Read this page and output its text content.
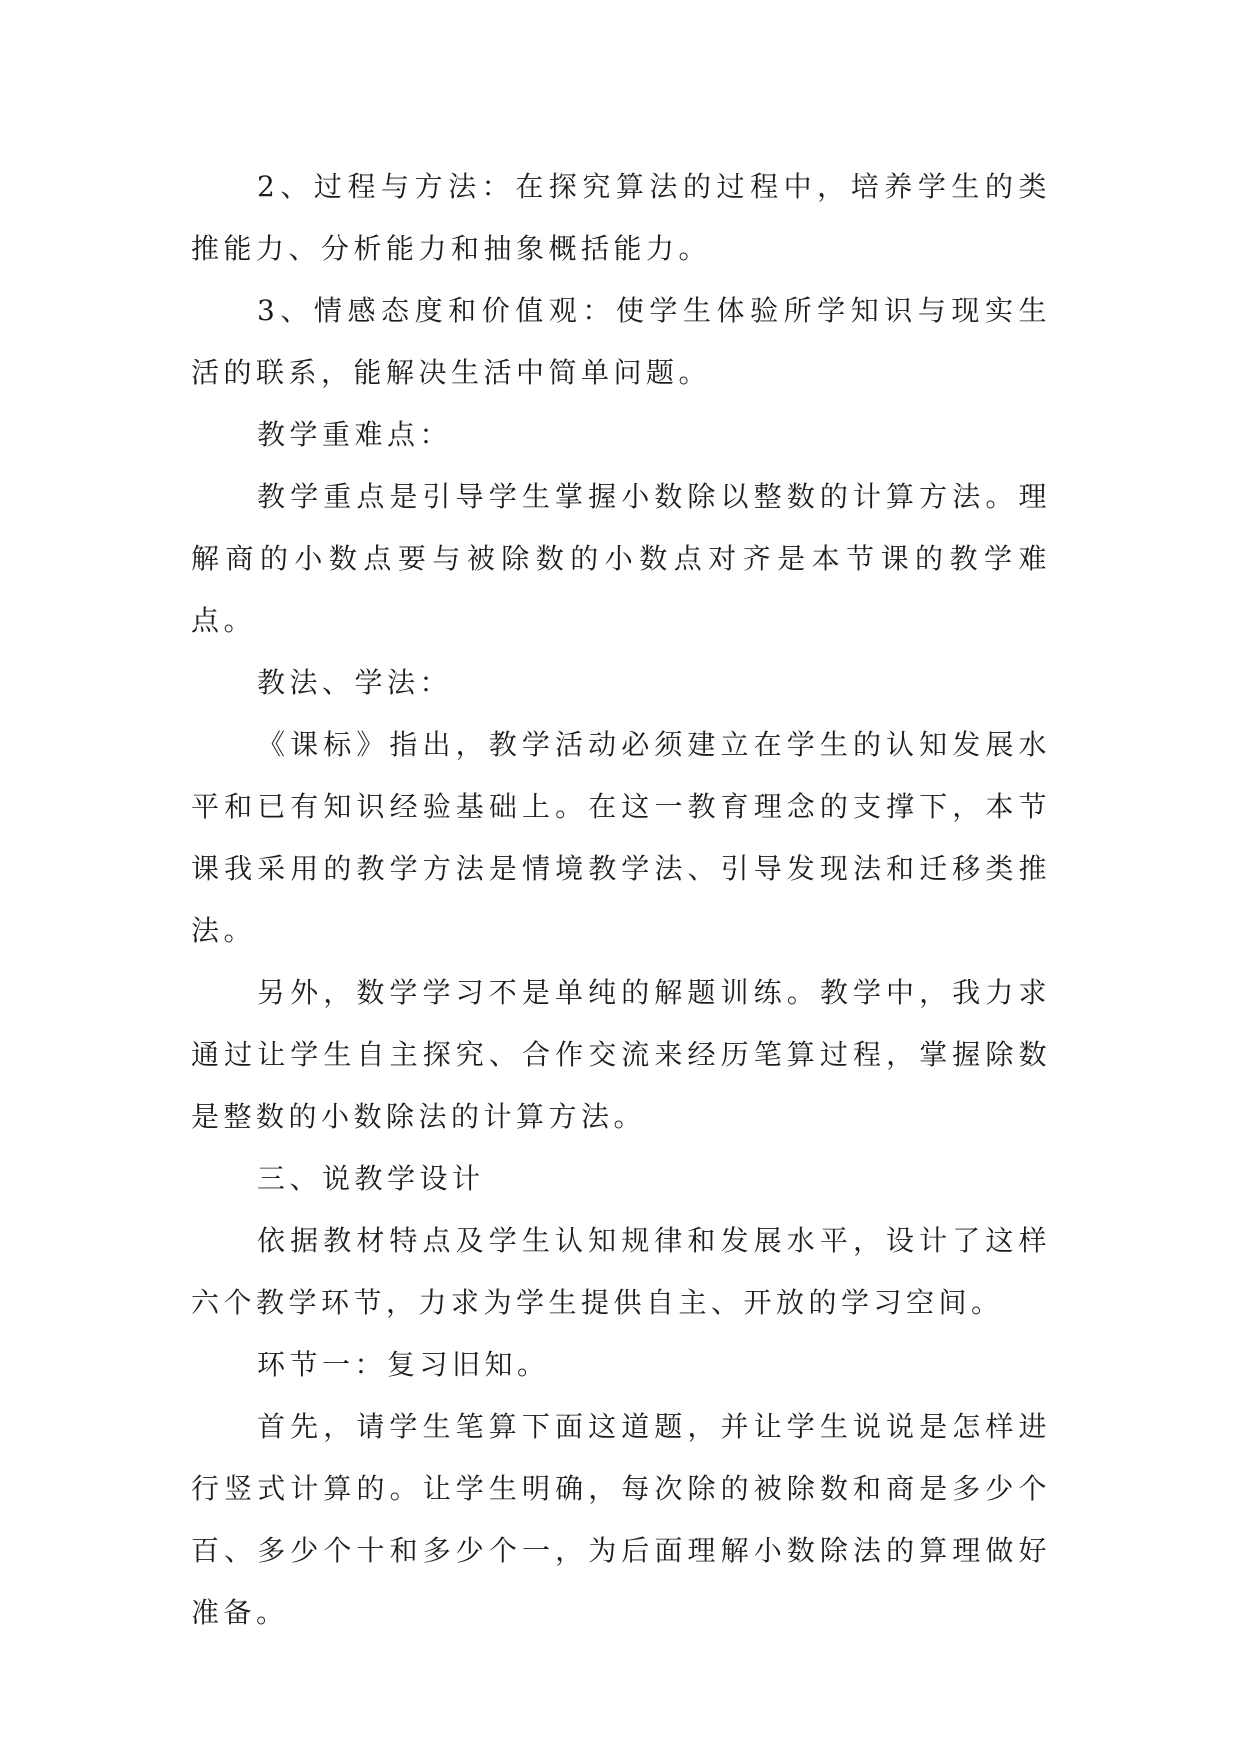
2、过程与方法：在探究算法的过程中，培养学生的类推能力、分析能力和抽象概括能力。

3、情感态度和价值观：使学生体验所学知识与现实生活的联系，能解决生活中简单问题。

教学重难点：

教学重点是引导学生掌握小数除以整数的计算方法。理解商的小数点要与被除数的小数点对齐是本节课的教学难点。

教法、学法：

《课标》指出，教学活动必须建立在学生的认知发展水平和已有知识经验基础上。在这一教育理念的支撑下，本节课我采用的教学方法是情境教学法、引导发现法和迁移类推法。

另外，数学学习不是单纯的解题训练。教学中，我力求通过让学生自主探究、合作交流来经历笔算过程，掌握除数是整数的小数除法的计算方法。

三、说教学设计

依据教材特点及学生认知规律和发展水平，设计了这样六个教学环节，力求为学生提供自主、开放的学习空间。

环节一：复习旧知。

首先，请学生笔算下面这道题，并让学生说说是怎样进行竖式计算的。让学生明确，每次除的被除数和商是多少个百、多少个十和多少个一，为后面理解小数除法的算理做好准备。
